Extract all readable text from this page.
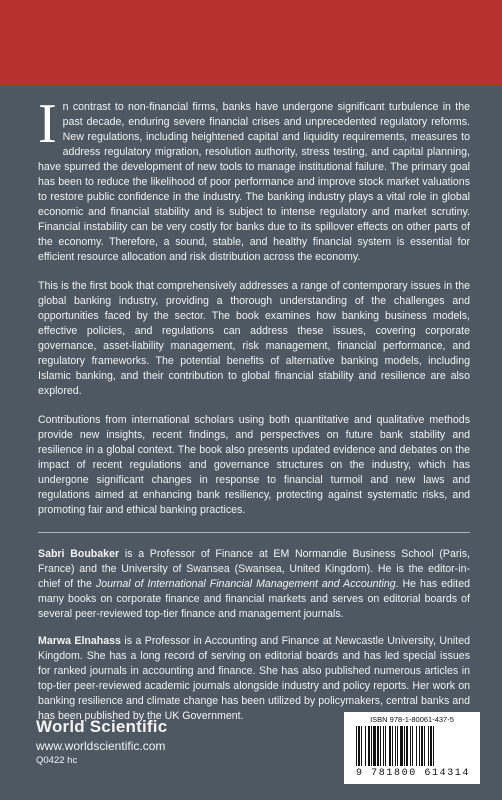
In contrast to non-financial firms, banks have undergone significant turbulence in the past decade, enduring severe financial crises and unprecedented regulatory reforms. New regulations, including heightened capital and liquidity requirements, measures to address regulatory migration, resolution authority, stress testing, and capital planning, have spurred the development of new tools to manage institutional failure. The primary goal has been to reduce the likelihood of poor performance and improve stock market valuations to restore public confidence in the industry. The banking industry plays a vital role in global economic and financial stability and is subject to intense regulatory and market scrutiny. Financial instability can be very costly for banks due to its spillover effects on other parts of the economy. Therefore, a sound, stable, and healthy financial system is essential for efficient resource allocation and risk distribution across the economy.

This is the first book that comprehensively addresses a range of contemporary issues in the global banking industry, providing a thorough understanding of the challenges and opportunities faced by the sector. The book examines how banking business models, effective policies, and regulations can address these issues, covering corporate governance, asset-liability management, risk management, financial performance, and regulatory frameworks. The potential benefits of alternative banking models, including Islamic banking, and their contribution to global financial stability and resilience are also explored.

Contributions from international scholars using both quantitative and qualitative methods provide new insights, recent findings, and perspectives on future bank stability and resilience in a global context. The book also presents updated evidence and debates on the impact of recent regulations and governance structures on the industry, which has undergone significant changes in response to financial turmoil and new laws and regulations aimed at enhancing bank resiliency, protecting against systematic risks, and promoting fair and ethical banking practices.

Sabri Boubaker is a Professor of Finance at EM Normandie Business School (Paris, France) and the University of Swansea (Swansea, United Kingdom). He is the editor-in-chief of the Journal of International Financial Management and Accounting. He has edited many books on corporate finance and financial markets and serves on editorial boards of several peer-reviewed top-tier finance and management journals.

Marwa Elnahass is a Professor in Accounting and Finance at Newcastle University, United Kingdom. She has a long record of serving on editorial boards and has led special issues for ranked journals in accounting and finance. She has also published numerous articles in top-tier peer-reviewed academic journals alongside industry and policy reports. Her work on banking resilience and climate change has been utilized by policymakers, central banks and has been published by the UK Government.

World Scientific
www.worldscientific.com
Q0422 hc
ISBN 978-1-80061-437-5
9 781800 614314
